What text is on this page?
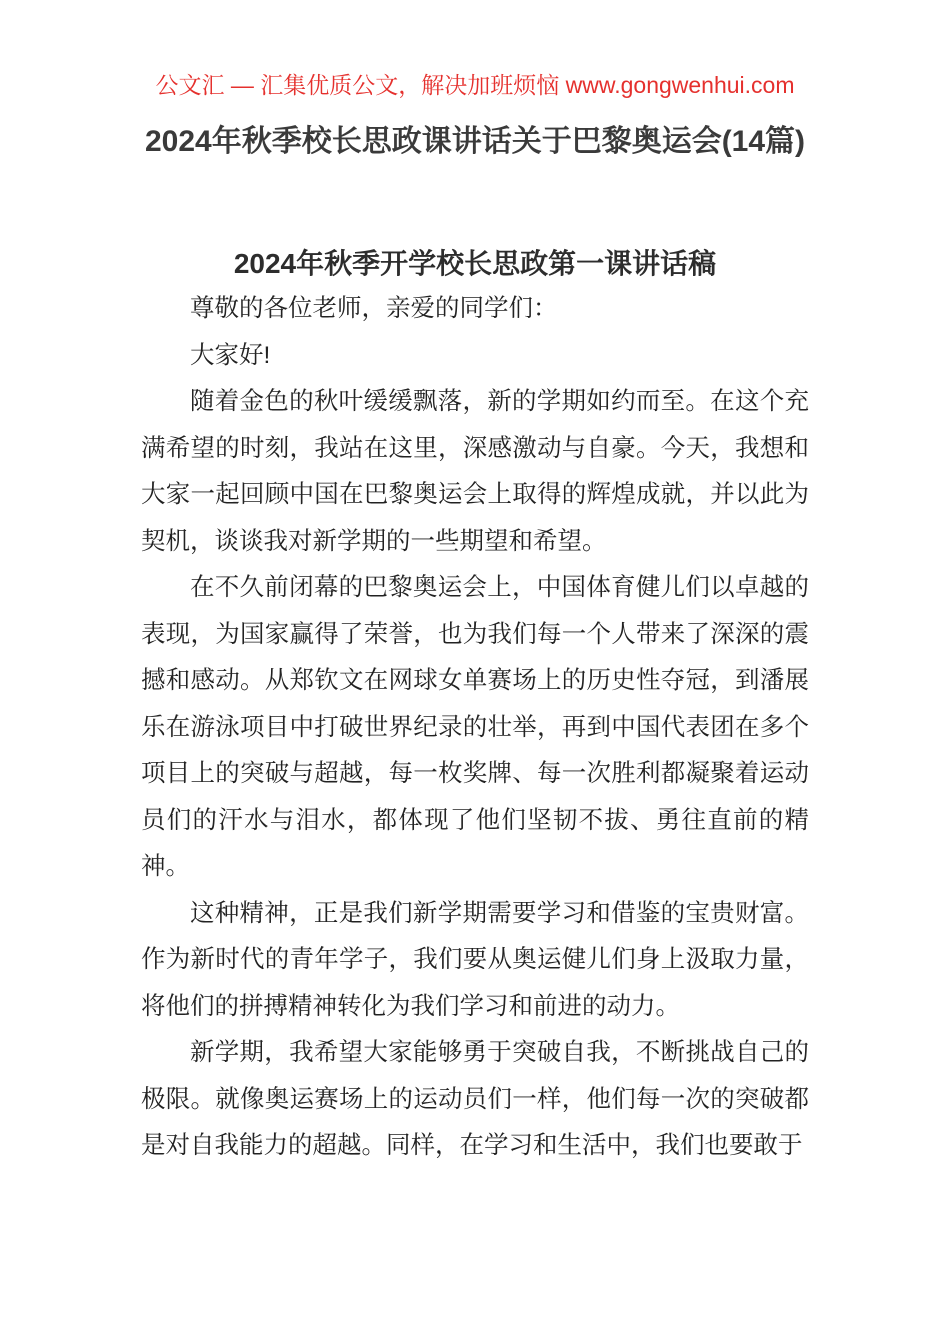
公文汇 — 汇集优质公文，解决加班烦恼 www.gongwenhui.com
2024年秋季校长思政课讲话关于巴黎奥运会(14篇)
2024年秋季开学校长思政第一课讲话稿

尊敬的各位老师，亲爱的同学们：

大家好!

随着金色的秋叶缓缓飘落，新的学期如约而至。在这个充满希望的时刻，我站在这里，深感激动与自豪。今天，我想和大家一起回顾中国在巴黎奥运会上取得的辉煌成就，并以此为契机，谈谈我对新学期的一些期望和希望。

在不久前闭幕的巴黎奥运会上，中国体育健儿们以卓越的表现，为国家赢得了荣誉，也为我们每一个人带来了深深的震撼和感动。从郑钦文在网球女单赛场上的历史性夺冠，到潘展乐在游泳项目中打破世界纪录的壮举，再到中国代表团在多个项目上的突破与超越，每一枚奖牌、每一次胜利都凝聚着运动员们的汗水与泪水，都体现了他们坚韧不拔、勇往直前的精神。

这种精神，正是我们新学期需要学习和借鉴的宝贵财富。作为新时代的青年学子，我们要从奥运健儿们身上汲取力量，将他们的拼搏精神转化为我们学习和前进的动力。

新学期，我希望大家能够勇于突破自我，不断挑战自己的极限。就像奥运赛场上的运动员们一样，他们每一次的突破都是对自我能力的超越。同样，在学习和生活中，我们也要敢于
